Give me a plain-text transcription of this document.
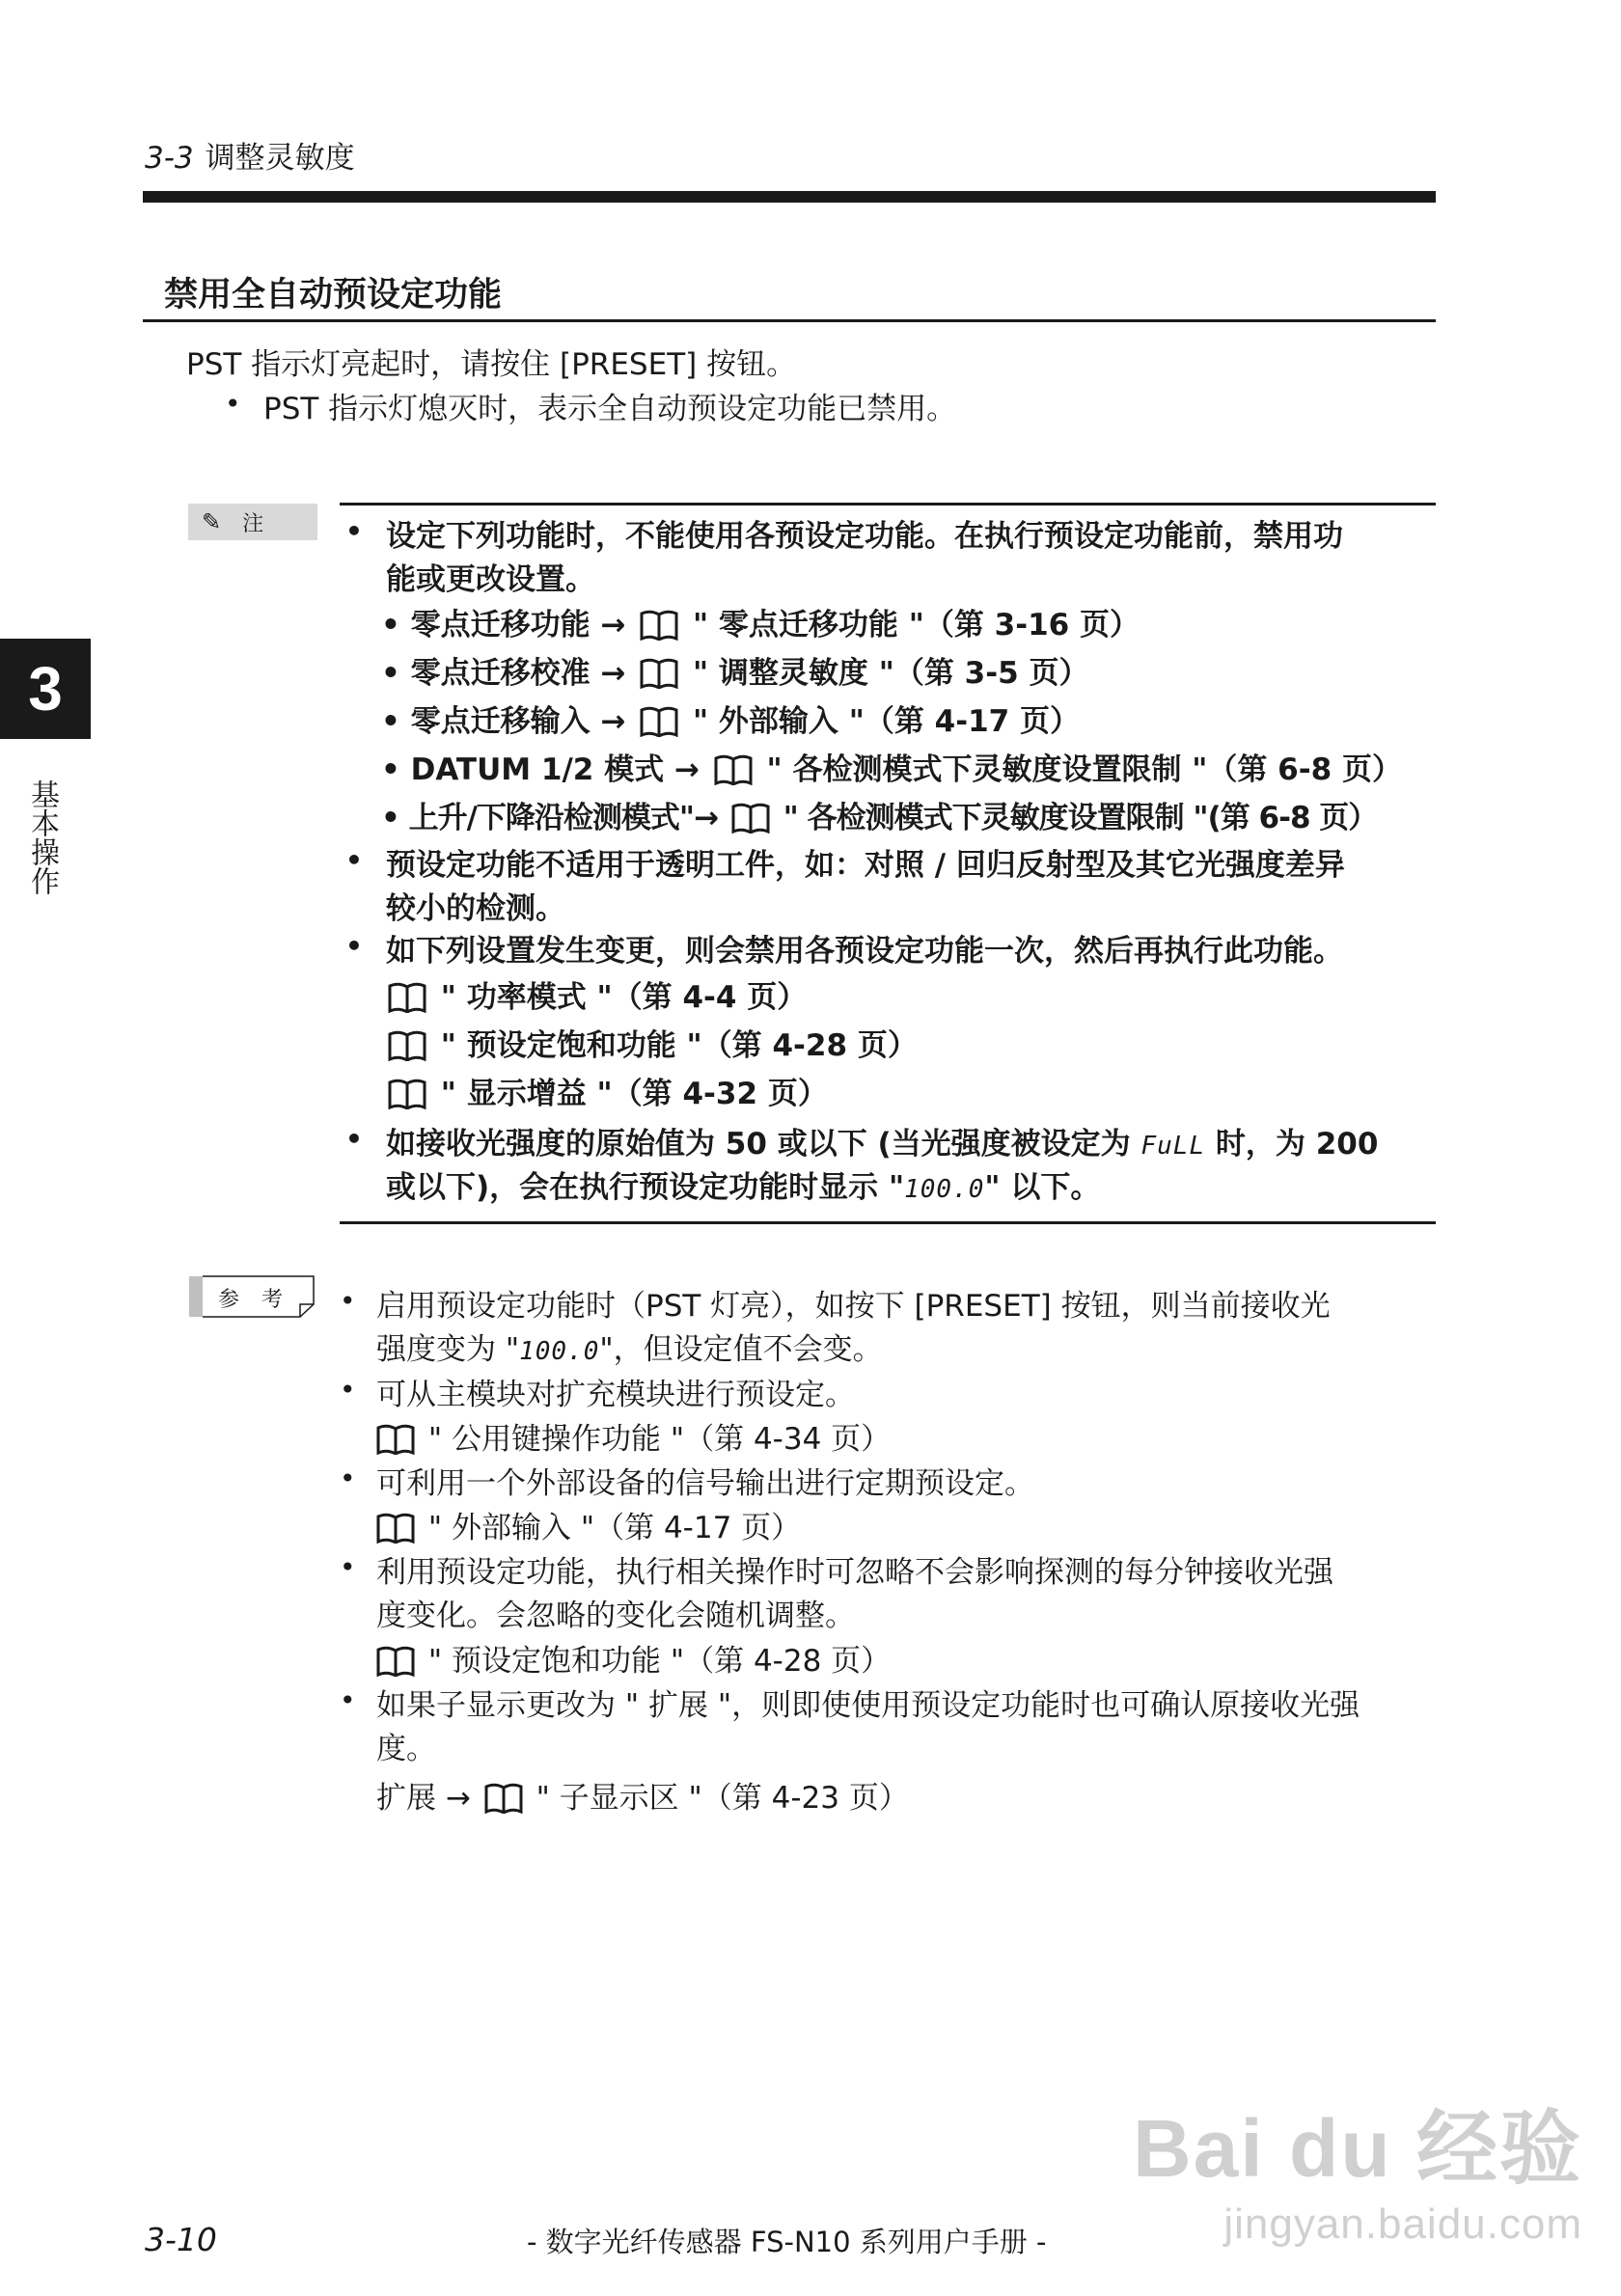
3-3 调整灵敏度
禁用全自动预设定功能
PST 指示灯亮起时，请按住 [PRESET] 按钮。
• PST 指示灯熄灭时，表示全自动预设定功能已禁用。
3
基本操作
✎ 注	• 设定下列功能时，不能使用各预设定功能。在执行预设定功能前，禁用功
能或更改设置。
• 零点迁移功能 → " 零点迁移功能 "（第 3-16 页）
• 零点迁移校准 → " 调整灵敏度 "（第 3-5 页）
• 零点迁移输入 → " 外部输入 "（第 4-17 页）
• DATUM 1/2 模式 → " 各检测模式下灵敏度设置限制 "（第 6-8 页）
• 上升/下降沿检测模式"→ " 各检测模式下灵敏度设置限制 "(第 6-8 页）
• 预设定功能不适用于透明工件，如：对照 / 回归反射型及其它光强度差异
较小的检测。
• 如下列设置发生变更，则会禁用各预设定功能一次，然后再执行此功能。
" 功率模式 "（第 4-4 页）
" 预设定饱和功能 "（第 4-28 页）
" 显示增益 "（第 4-32 页）
• 如接收光强度的原始值为 50 或以下 (当光强度被设定为 FuLL 时，为 200
或以下)，会在执行预设定功能时显示 "100.0" 以下。
参 考 • 启用预设定功能时（PST 灯亮），如按下 [PRESET] 按钮，则当前接收光
强度变为 "100.0"，但设定值不会变。
• 可从主模块对扩充模块进行预设定。
" 公用键操作功能 "（第 4-34 页）
• 可利用一个外部设备的信号输出进行定期预设定。
" 外部输入 "（第 4-17 页）
• 利用预设定功能，执行相关操作时可忽略不会影响探测的每分钟接收光强
度变化。会忽略的变化会随机调整。
" 预设定饱和功能 "（第 4-28 页）
• 如果子显示更改为 " 扩展 "，则即使使用预设定功能时也可确认原接收光强
度。
扩展 → " 子显示区 "（第 4-23 页）
3-10	- 数字光纤传感器 FS-N10 系列用户手册 -
Bai du 经验
jingyan.baidu.com
